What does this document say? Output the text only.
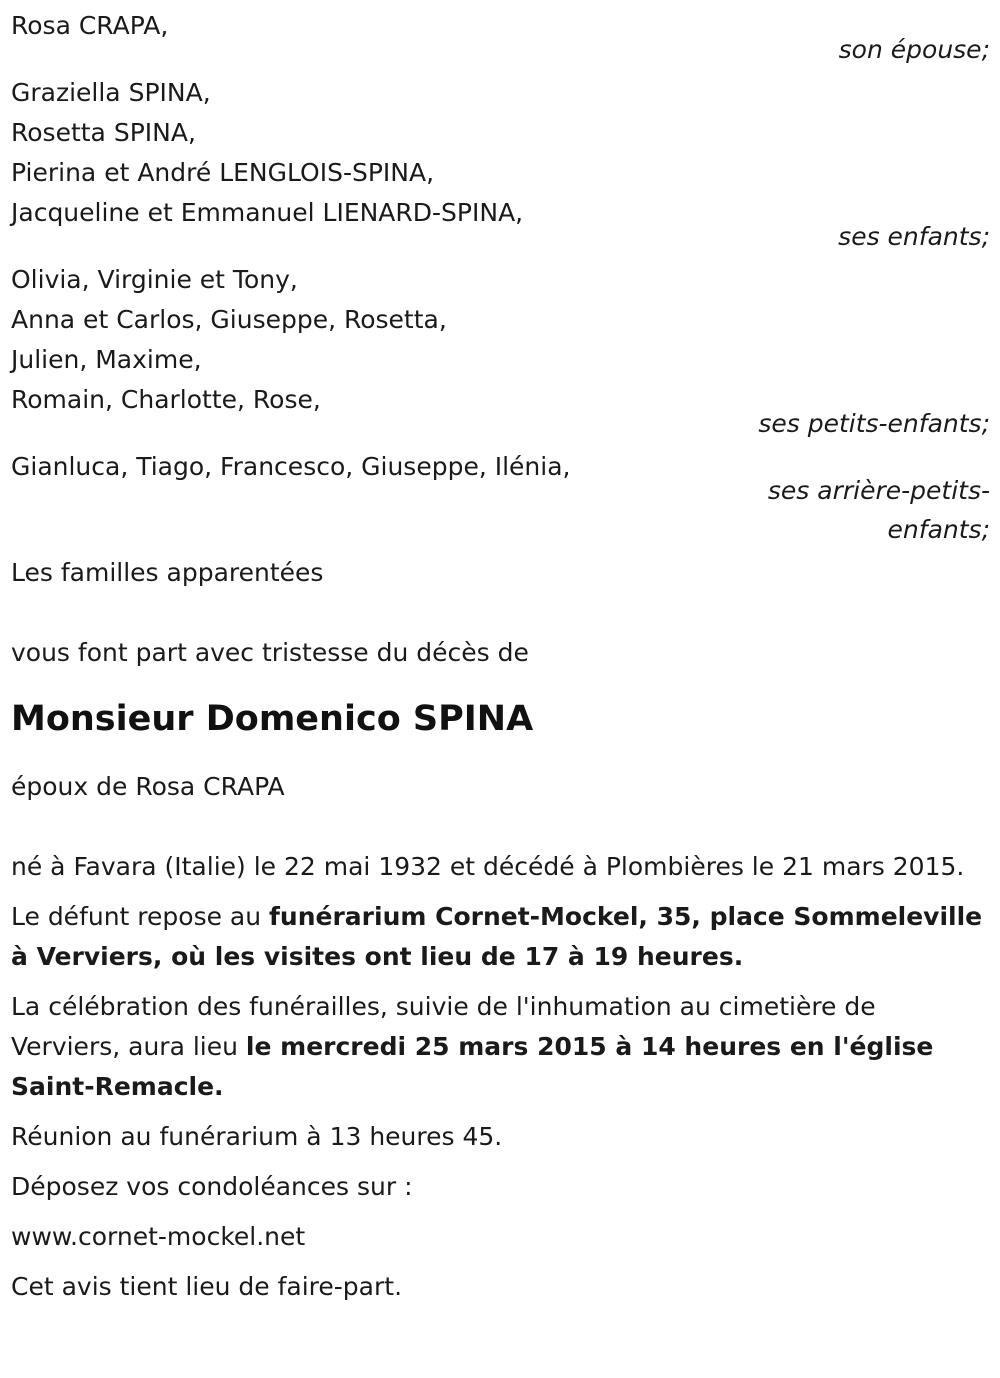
Rosa CRAPA,
son épouse;
Graziella SPINA,
Rosetta SPINA,
Pierina et André LENGLOIS-SPINA,
Jacqueline et Emmanuel LIENARD-SPINA,
ses enfants;
Olivia, Virginie et Tony,
Anna et Carlos, Giuseppe, Rosetta,
Julien, Maxime,
Romain, Charlotte, Rose,
ses petits-enfants;
Gianluca, Tiago, Francesco, Giuseppe, Ilénia,
ses arrière-petits-enfants;
Les familles apparentées
vous font part avec tristesse du décès de
Monsieur Domenico SPINA
époux de Rosa CRAPA

né à Favara (Italie) le 22 mai 1932 et décédé à Plombières le 21 mars 2015.

Le défunt repose au funérarium Cornet-Mockel, 35, place Sommeleville à Verviers, où les visites ont lieu de 17 à 19 heures.

La célébration des funérailles, suivie de l'inhumation au cimetière de Verviers, aura lieu le mercredi 25 mars 2015 à 14 heures en l'église Saint-Remacle.

Réunion au funérarium à 13 heures 45.

Déposez vos condoléances sur :

www.cornet-mockel.net

Cet avis tient lieu de faire-part.
